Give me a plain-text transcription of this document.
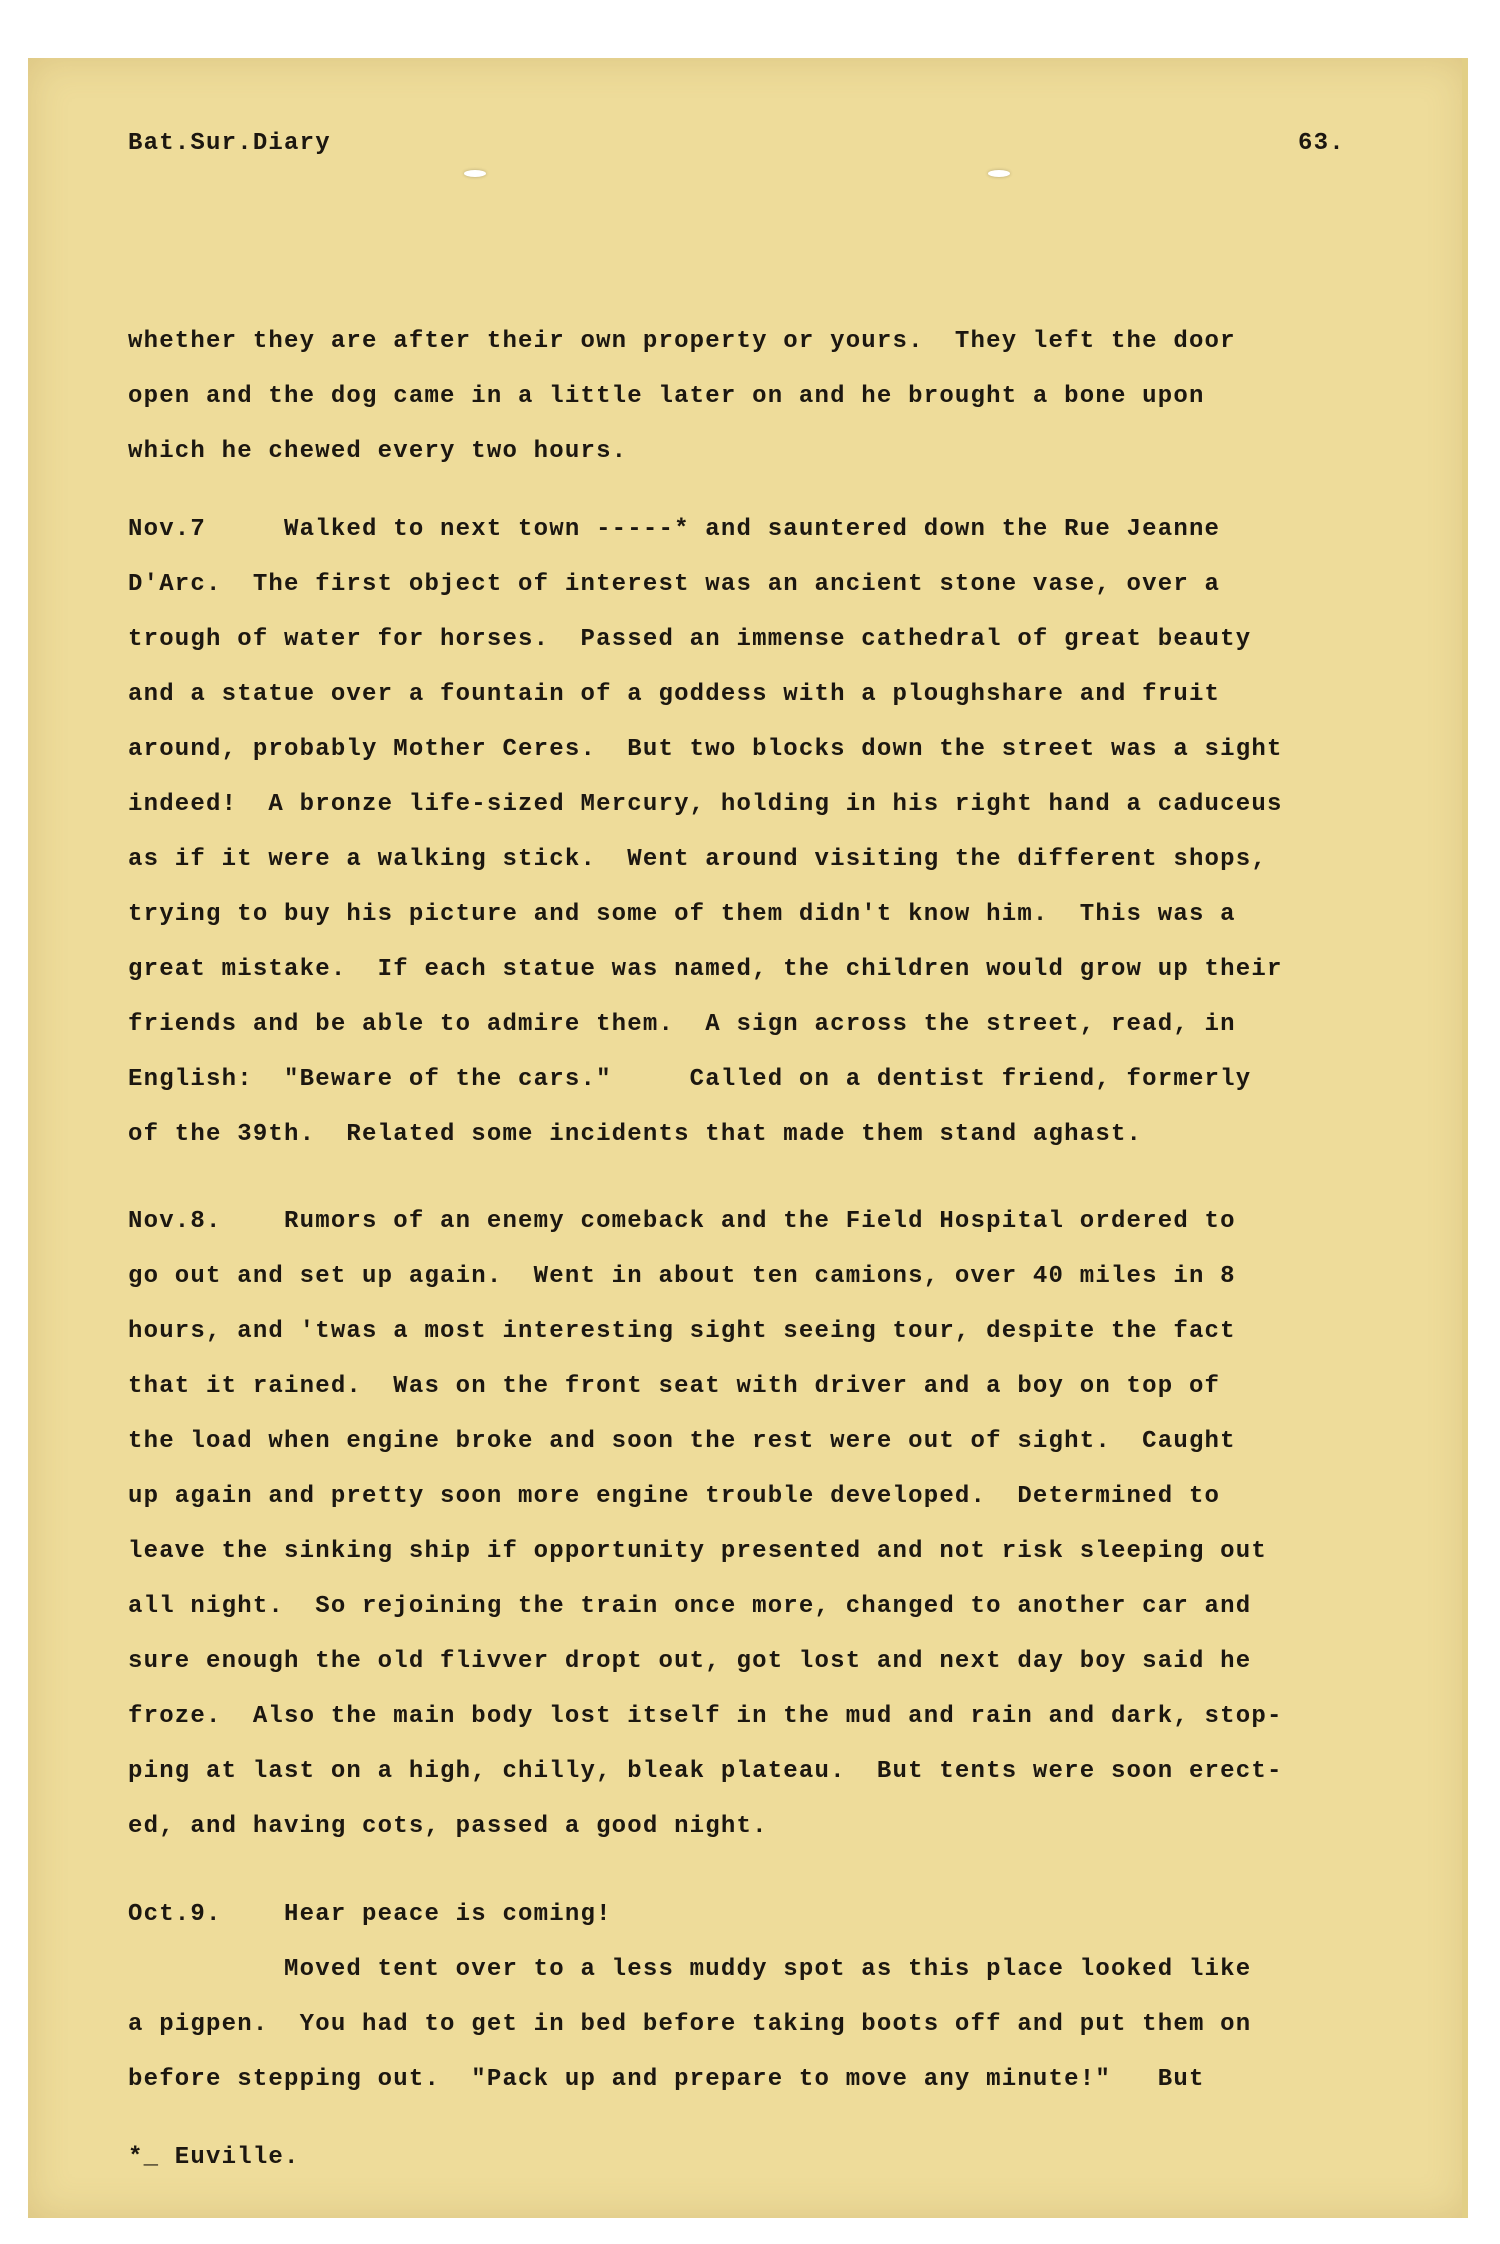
Bat.Sur.Diary	63.
whether they are after their own property or yours.  They left the door
open and the dog came in a little later on and he brought a bone upon
which he chewed every two hours.
Nov.7     Walked to next town -----* and sauntered down the Rue Jeanne
D'Arc.  The first object of interest was an ancient stone vase, over a
trough of water for horses.  Passed an immense cathedral of great beauty
and a statue over a fountain of a goddess with a ploughshare and fruit
around, probably Mother Ceres.  But two blocks down the street was a sight
indeed!  A bronze life-sized Mercury, holding in his right hand a caduceus
as if it were a walking stick.  Went around visiting the different shops,
trying to buy his picture and some of them didn't know him.  This was a
great mistake.  If each statue was named, the children would grow up their
friends and be able to admire them.  A sign across the street, read, in
English:  "Beware of the cars."     Called on a dentist friend, formerly
of the 39th.  Related some incidents that made them stand aghast.
Nov.8.    Rumors of an enemy comeback and the Field Hospital ordered to
go out and set up again.  Went in about ten camions, over 40 miles in 8
hours, and 'twas a most interesting sight seeing tour, despite the fact
that it rained.  Was on the front seat with driver and a boy on top of
the load when engine broke and soon the rest were out of sight.  Caught
up again and pretty soon more engine trouble developed.  Determined to
leave the sinking ship if opportunity presented and not risk sleeping out
all night.  So rejoining the train once more, changed to another car and
sure enough the old flivver dropt out, got lost and next day boy said he
froze.  Also the main body lost itself in the mud and rain and dark, stop-
ping at last on a high, chilly, bleak plateau.  But tents were soon erect-
ed, and having cots, passed a good night.
Oct.9.    Hear peace is coming!
Moved tent over to a less muddy spot as this place looked like
a pigpen.  You had to get in bed before taking boots off and put them on
before stepping out.  "Pack up and prepare to move any minute!"   But
*_ Euville.
